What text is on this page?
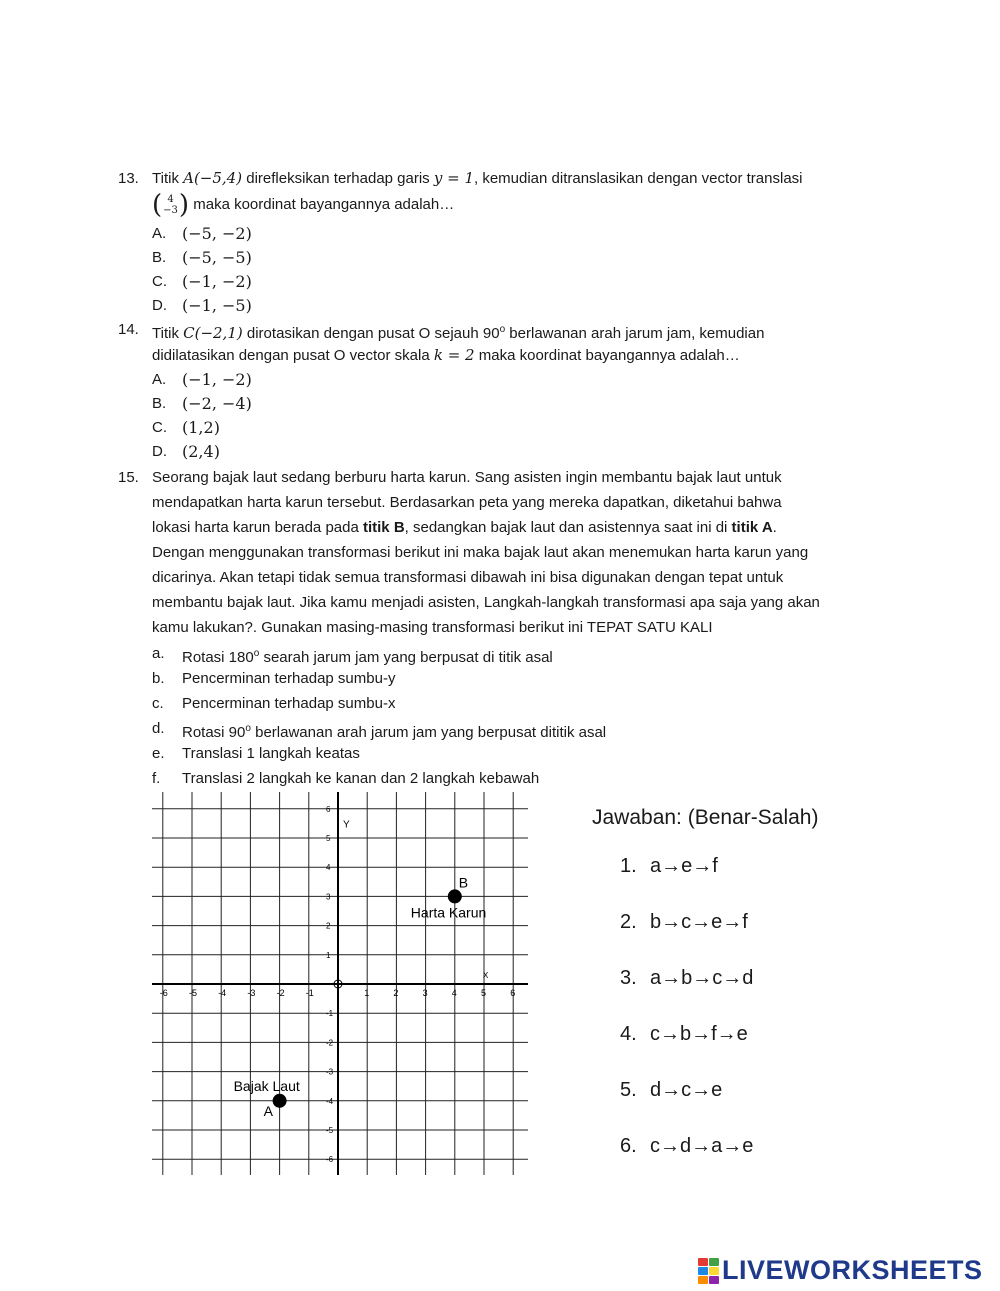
13. Titik A(−5,4) direfleksikan terhadap garis y = 1, kemudian ditranslasikan dengan vector translasi
( 4
−3 ) maka koordinat bayangannya adalah…
A. (−5, −2)
B. (−5, −5)
C. (−1, −2)
D. (−1, −5)
14. Titik C(−2,1) dirotasikan dengan pusat O sejauh 90$^o$ berlawanan arah jarum jam, kemudian
didilatasikan dengan pusat O vector skala k = 2 maka koordinat bayangannya adalah…
A. (−1, −2)
B. (−2, −4)
C. (1,2)
D. (2,4)
15. Seorang bajak laut sedang berburu harta karun. Sang asisten ingin membantu bajak laut untuk
mendapatkan harta karun tersebut. Berdasarkan peta yang mereka dapatkan, diketahui bahwa
lokasi harta karun berada pada titik B, sedangkan bajak laut dan asistennya saat ini di titik A.
Dengan menggunakan transformasi berikut ini maka bajak laut akan menemukan harta karun yang
dicarinya. Akan tetapi tidak semua transformasi dibawah ini bisa digunakan dengan tepat untuk
membantu bajak laut. Jika kamu menjadi asisten, Langkah-langkah transformasi apa saja yang akan
kamu lakukan?. Gunakan masing-masing transformasi berikut ini TEPAT SATU KALI
a. Rotasi 180$^o$ searah jarum jam yang berpusat di titik asal
b. Pencerminan terhadap sumbu-y
c. Pencerminan terhadap sumbu-x
d. Rotasi 90$^o$ berlawanan arah jarum jam yang berpusat dititik asal
e. Translasi 1 langkah keatas
f. Translasi 2 langkah ke kanan dan 2 langkah kebawah
-6 -5 -4 -3 -2 -1	1	2	3	4	5	6
6
5
4
3
2
1
-1
-2
-3
-4
-5
-6
Y
X
B
Harta Karun
Bajak Laut
A
Jawaban: (Benar-Salah)
1. a→e→f
2. b→c→e→f
3. a→b→c→d
4. c→b→f→e
5. d→c→e
6. c→d→a→e
LIVEWORKSHEETS
